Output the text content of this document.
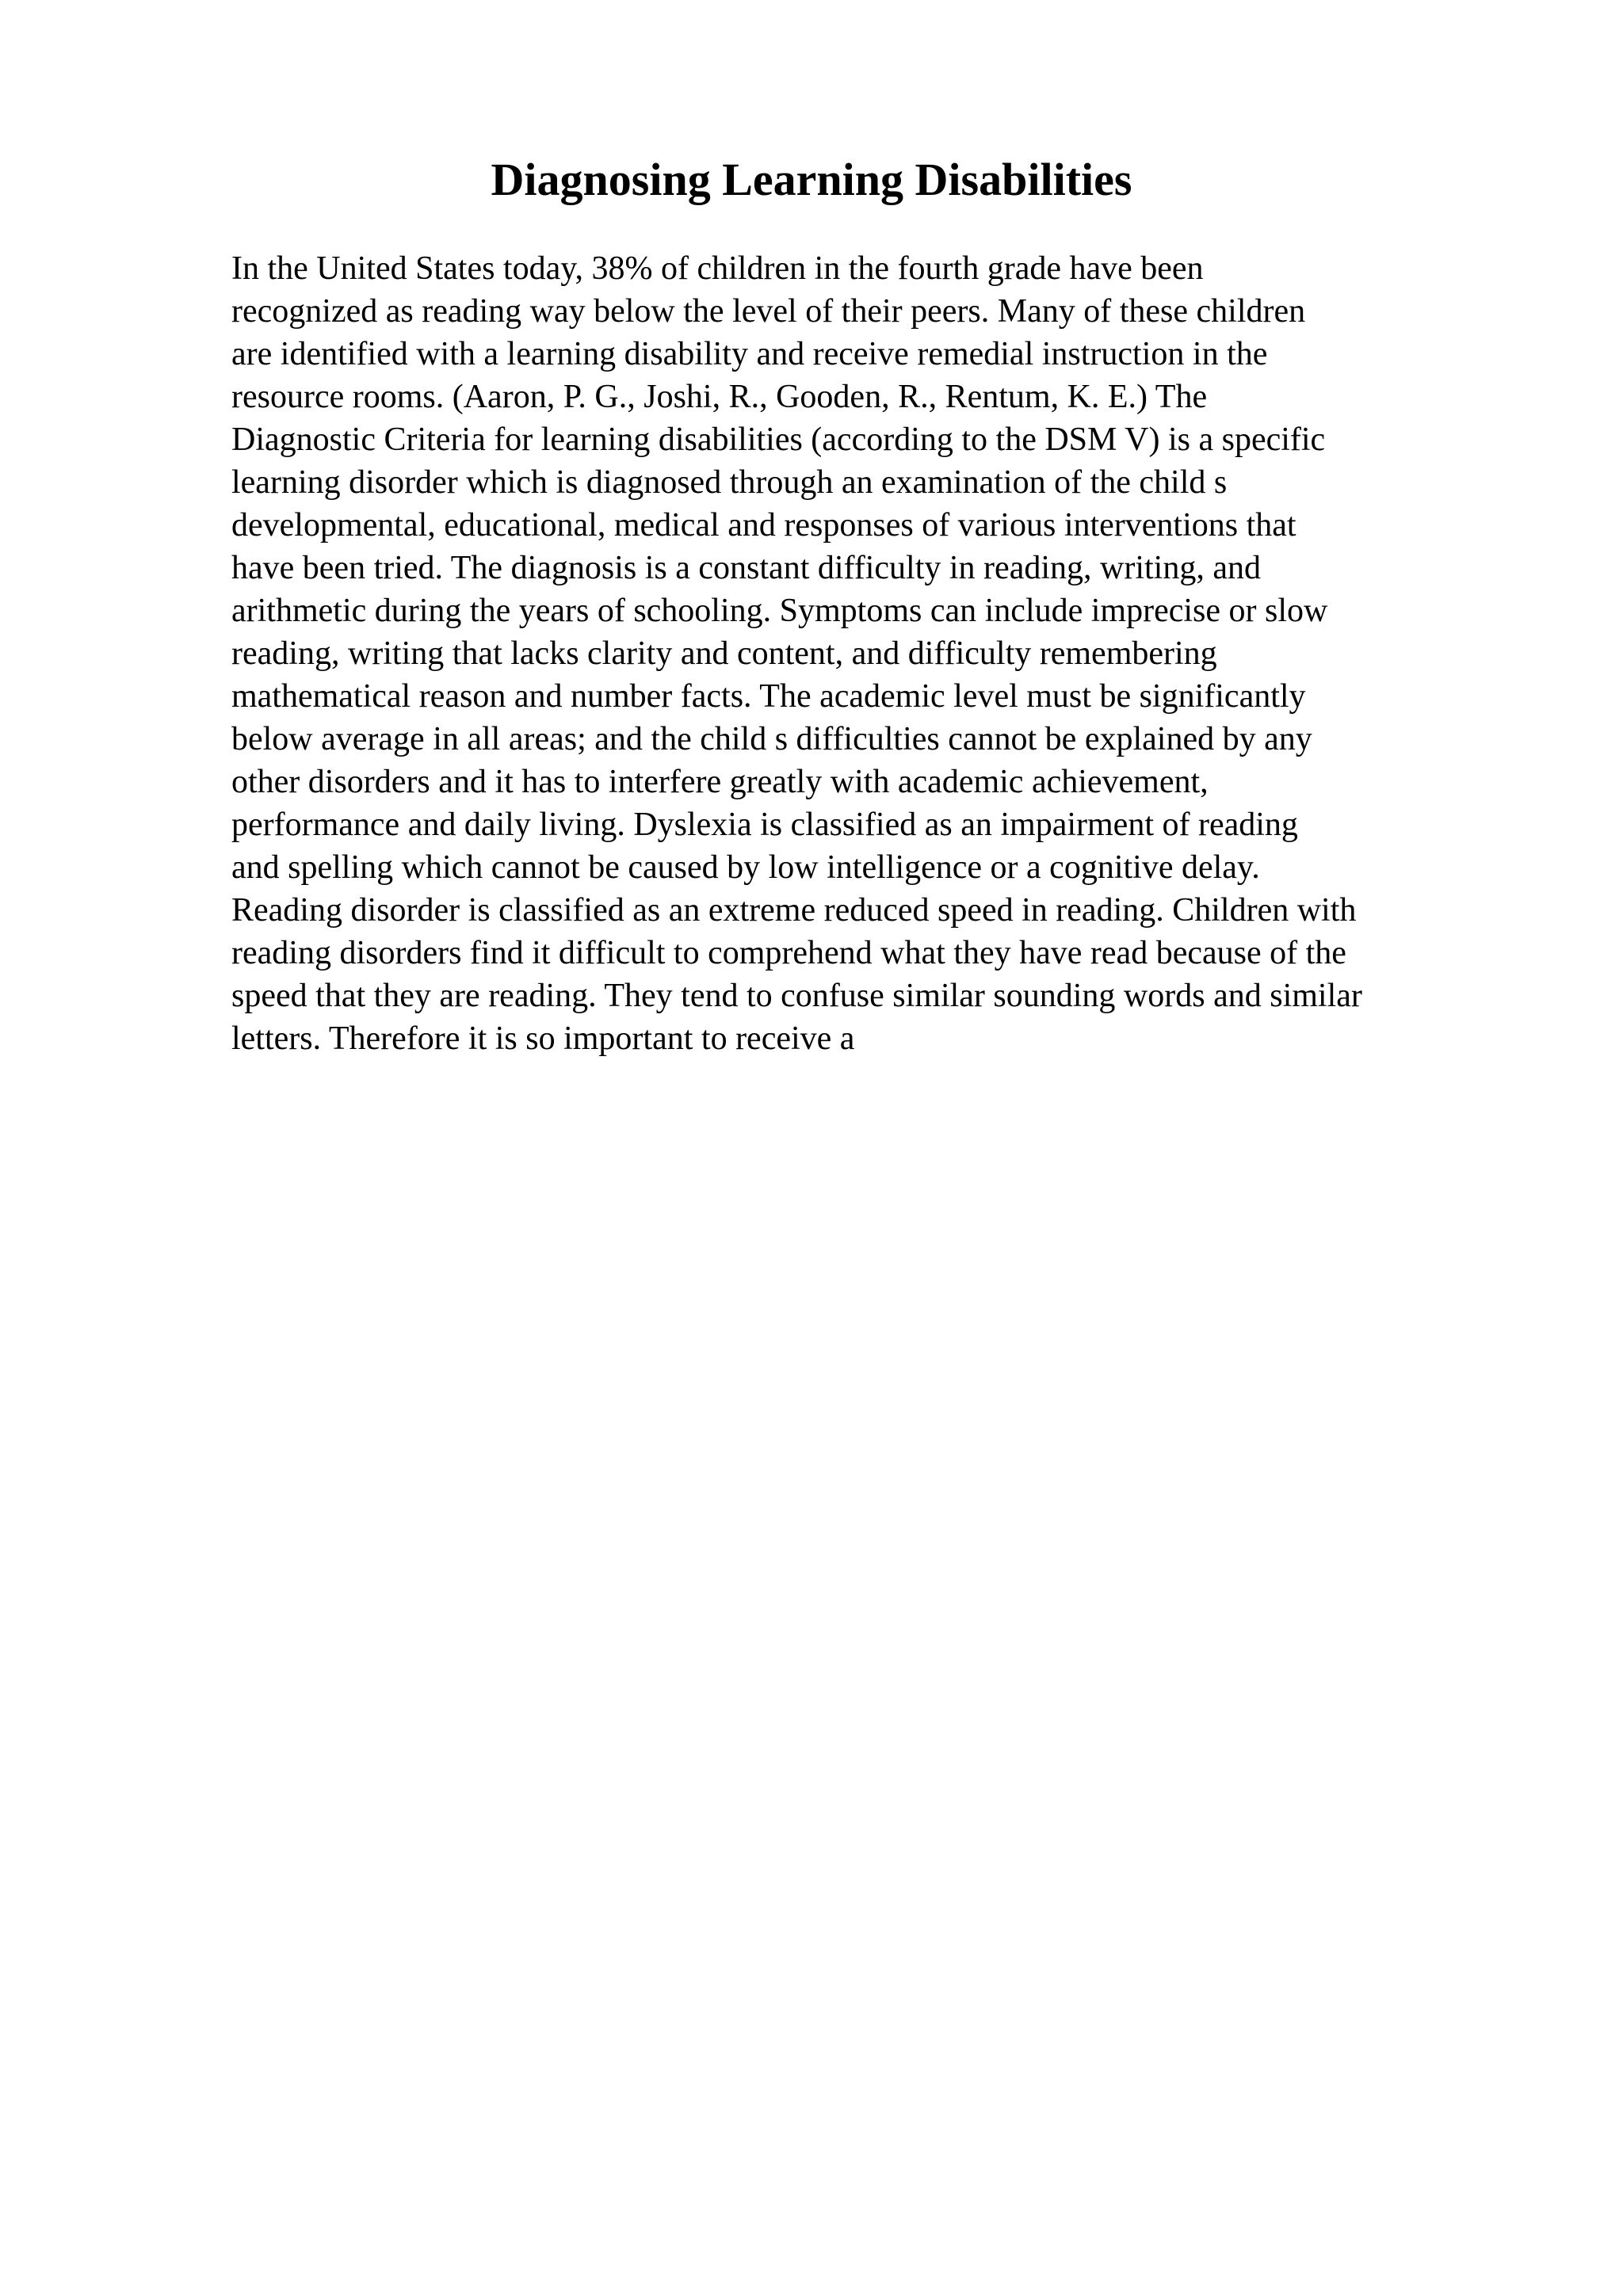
Diagnosing Learning Disabilities
In the United States today, 38% of children in the fourth grade have been
recognized as reading way below the level of their peers. Many of these children
are identified with a learning disability and receive remedial instruction in the
resource rooms. (Aaron, P. G., Joshi, R., Gooden, R., Rentum, K. E.) The
Diagnostic Criteria for learning disabilities (according to the DSM V) is a specific
learning disorder which is diagnosed through an examination of the child s
developmental, educational, medical and responses of various interventions that
have been tried. The diagnosis is a constant difficulty in reading, writing, and
arithmetic during the years of schooling. Symptoms can include imprecise or slow
reading, writing that lacks clarity and content, and difficulty remembering
mathematical reason and number facts. The academic level must be significantly
below average in all areas; and the child s difficulties cannot be explained by any
other disorders and it has to interfere greatly with academic achievement,
performance and daily living. Dyslexia is classified as an impairment of reading
and spelling which cannot be caused by low intelligence or a cognitive delay.
Reading disorder is classified as an extreme reduced speed in reading. Children with
reading disorders find it difficult to comprehend what they have read because of the
speed that they are reading. They tend to confuse similar sounding words and similar
letters. Therefore it is so important to receive a
